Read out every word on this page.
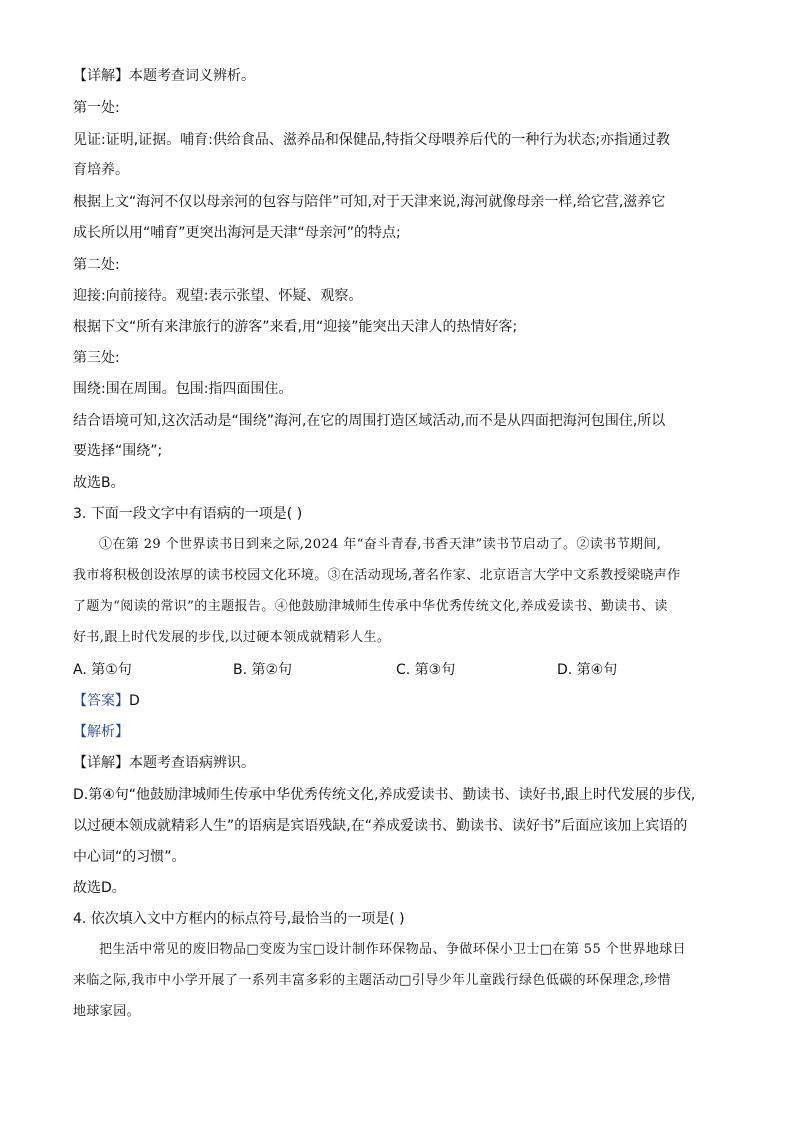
【详解】本题考查词义辨析。
第一处:
见证:证明,证据。哺育:供给食品、滋养品和保健品,特指父母喂养后代的一种行为状态;亦指通过教
育培养。
根据上文“海河不仅以母亲河的包容与陪伴”可知,对于天津来说,海河就像母亲一样,给它营,滋养它
成长所以用“哺育”更突出海河是天津“母亲河”的特点;
第二处:
迎接:向前接待。观望:表示张望、怀疑、观察。
根据下文“所有来津旅行的游客”来看,用“迎接”能突出天津人的热情好客;
第三处:
围绕:围在周围。包围:指四面围住。
结合语境可知,这次活动是“围绕”海河,在它的周围打造区域活动,而不是从四面把海河包围住,所以
要选择“围绕”;
故选B。
3. 下面一段文字中有语病的一项是( )
①在第 29 个世界读书日到来之际,2024 年“奋斗青春,书香天津”读书节启动了。②读书节期间,
我市将积极创设浓厚的读书校园文化环境。③在活动现场,著名作家、北京语言大学中文系教授梁晓声作
了题为“阅读的常识”的主题报告。④他鼓励津城师生传承中华优秀传统文化,养成爱读书、勤读书、读
好书,跟上时代发展的步伐,以过硬本领成就精彩人生。
A. 第①句	B. 第②句	C. 第③句	D. 第④句
【答案】D
【解析】
【详解】本题考查语病辨识。
D.第④句“他鼓励津城师生传承中华优秀传统文化,养成爱读书、勤读书、读好书,跟上时代发展的步伐,
以过硬本领成就精彩人生”的语病是宾语残缺,在“养成爱读书、勤读书、读好书”后面应该加上宾语的
中心词“的习惯”。
故选D。
4. 依次填入文中方框内的标点符号,最恰当的一项是( )
把生活中常见的废旧物品□变废为宝□设计制作环保物品、争做环保小卫士□在第 55 个世界地球日
来临之际,我市中小学开展了一系列丰富多彩的主题活动□引导少年儿童践行绿色低碳的环保理念,珍惜
地球家园。
